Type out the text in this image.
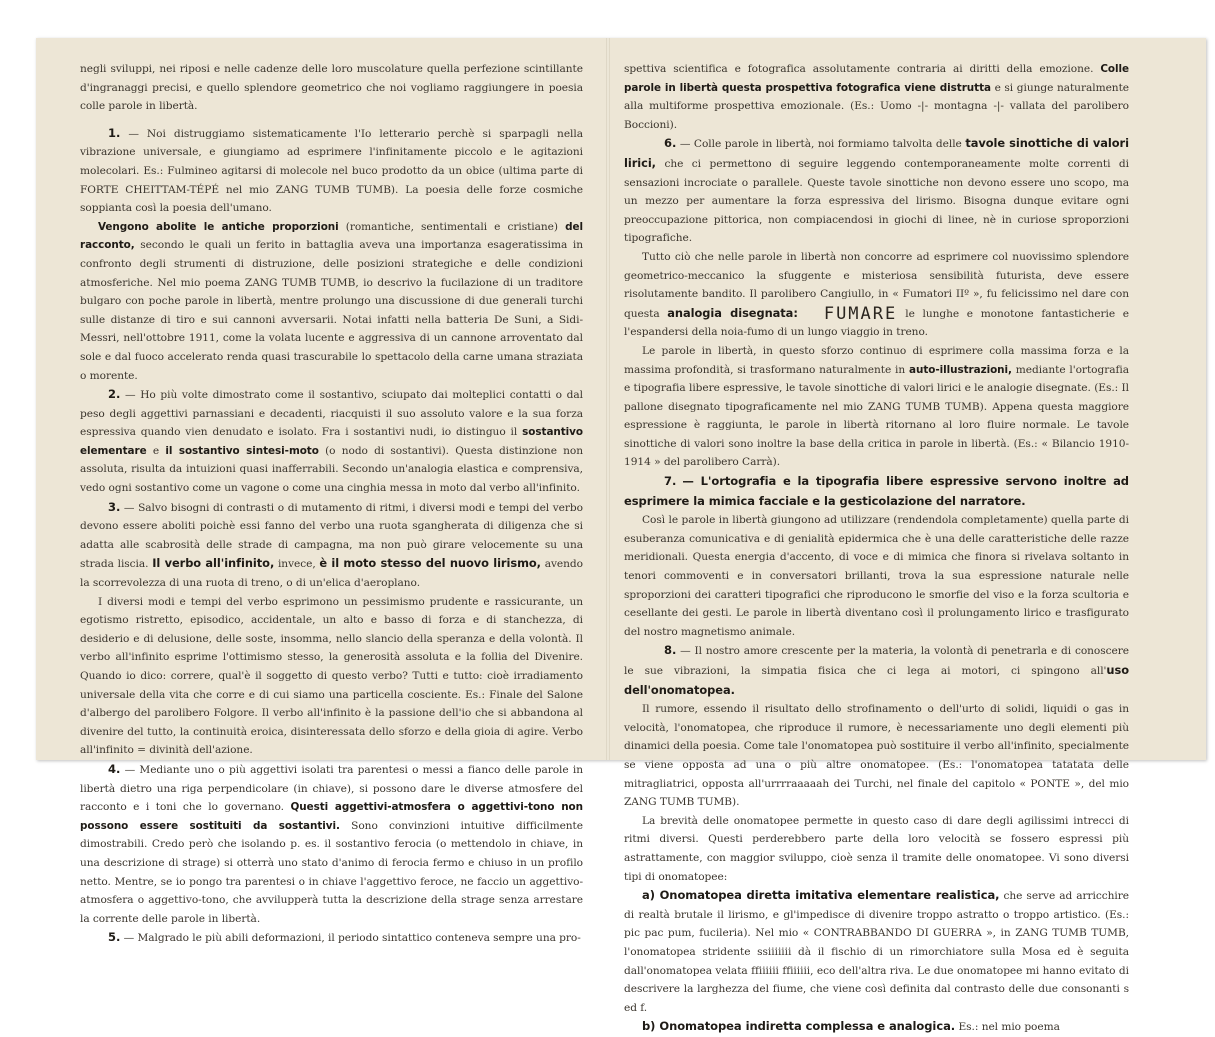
negli sviluppi, nei riposi e nelle cadenze delle loro muscolature quella perfezione scintillante d'ingranaggi precisi, e quello splendore geometrico che noi vogliamo raggiungere in poesia colle parole in libertà.

1. — Noi distruggiamo sistematicamente l'Io letterario perchè si sparpagli nella vibrazione universale, e giungiamo ad esprimere l'infinitamente piccolo e le agitazioni molecolari. Es.: Fulmineo agitarsi di molecole nel buco prodotto da un obice (ultima parte di FORTE CHEITTAM-TÉPÉ nel mio ZANG TUMB TUMB). La poesia delle forze cosmiche soppianta così la poesia dell'umano.

Vengono abolite le antiche proporzioni (romantiche, sentimentali e cristiane) del racconto, secondo le quali un ferito in battaglia aveva una importanza esageratissima in confronto degli strumenti di distruzione, delle posizioni strategiche e delle condizioni atmosferiche. Nel mio poema ZANG TUMB TUMB, io descrivo la fucilazione di un traditore bulgaro con poche parole in libertà, mentre prolungo una discussione di due generali turchi sulle distanze di tiro e sui cannoni avversarii. Notai infatti nella batteria De Suni, a Sidi-Messri, nell'ottobre 1911, come la volata lucente e aggressiva di un cannone arroventato dal sole e dal fuoco accelerato renda quasi trascurabile lo spettacolo della carne umana straziata o morente.

2. — Ho più volte dimostrato come il sostantivo, sciupato dai molteplici contatti o dal peso degli aggettivi parnassiani e decadenti, riacquisti il suo assoluto valore e la sua forza espressiva quando vien denudato e isolato. Fra i sostantivi nudi, io distinguo il sostantivo elementare e il sostantivo sintesi-moto (o nodo di sostantivi). Questa distinzione non assoluta, risulta da intuizioni quasi inafferrabili. Secondo un'analogia elastica e comprensiva, vedo ogni sostantivo come un vagone o come una cinghia messa in moto dal verbo all'infinito.

3. — Salvo bisogni di contrasti o di mutamento di ritmi, i diversi modi e tempi del verbo devono essere aboliti poichè essi fanno del verbo una ruota sgangherata di diligenza che si adatta alle scabrosità delle strade di campagna, ma non può girare velocemente su una strada liscia. Il verbo all'infinito, invece, è il moto stesso del nuovo lirismo, avendo la scorrevolezza di una ruota di treno, o di un'elica d'aeroplano.

I diversi modi e tempi del verbo esprimono un pessimismo prudente e rassicurante, un egotismo ristretto, episodico, accidentale, un alto e basso di forza e di stanchezza, di desiderio e di delusione, delle soste, insomma, nello slancio della speranza e della volontà. Il verbo all'infinito esprime l'ottimismo stesso, la generosità assoluta e la follia del Divenire. Quando io dico: correre, qual'è il soggetto di questo verbo? Tutti e tutto: cioè irradiamento universale della vita che corre e di cui siamo una particella cosciente. Es.: Finale del Salone d'albergo del parolibero Folgore. Il verbo all'infinito è la passione dell'io che si abbandona al divenire del tutto, la continuità eroica, disinteressata dello sforzo e della gioia di agire. Verbo all'infinito = divinità dell'azione.

4. — Mediante uno o più aggettivi isolati tra parentesi o messi a fianco delle parole in libertà dietro una riga perpendicolare (in chiave), si possono dare le diverse atmosfere del racconto e i toni che lo governano. Questi aggettivi-atmosfera o aggettivi-tono non possono essere sostituiti da sostantivi. Sono convinzioni intuitive difficilmente dimostrabili. Credo però che isolando p. es. il sostantivo ferocia (o mettendolo in chiave, in una descrizione di strage) si otterrà uno stato d'animo di ferocia fermo e chiuso in un profilo netto. Mentre, se io pongo tra parentesi o in chiave l'aggettivo feroce, ne faccio un aggettivo-atmosfera o aggettivo-tono, che avvilupperà tutta la descrizione della strage senza arrestare la corrente delle parole in libertà.

5. — Malgrado le più abili deformazioni, il periodo sintattico conteneva sempre una pro-

spettiva scientifica e fotografica assolutamente contraria ai diritti della emozione. Colle parole in libertà questa prospettiva fotografica viene distrutta e si giunge naturalmente alla multiforme prospettiva emozionale. (Es.: Uomo -|- montagna -|- vallata del parolibero Boccioni).

6. — Colle parole in libertà, noi formiamo talvolta delle tavole sinottiche di valori lirici, che ci permettono di seguire leggendo contemporaneamente molte correnti di sensazioni incrociate o parallele. Queste tavole sinottiche non devono essere uno scopo, ma un mezzo per aumentare la forza espressiva del lirismo. Bisogna dunque evitare ogni preoccupazione pittorica, non compiacendosi in giochi di linee, nè in curiose sproporzioni tipografiche.

Tutto ciò che nelle parole in libertà non concorre ad esprimere col nuovissimo splendore geometrico-meccanico la sfuggente e misteriosa sensibilità futurista, deve essere risolutamente bandito. Il parolibero Cangiullo, in « Fumatori IIº », fu felicissimo nel dare con questa analogia disegnata: FUMARE le lunghe e monotone fantasticherie e l'espandersi della noia-fumo di un lungo viaggio in treno.

Le parole in libertà, in questo sforzo continuo di esprimere colla massima forza e la massima profondità, si trasformano naturalmente in auto-illustrazioni, mediante l'ortografia e tipografia libere espressive, le tavole sinottiche di valori lirici e le analogie disegnate. (Es.: Il pallone disegnato tipograficamente nel mio ZANG TUMB TUMB). Appena questa maggiore espressione è raggiunta, le parole in libertà ritornano al loro fluire normale. Le tavole sinottiche di valori sono inoltre la base della critica in parole in libertà. (Es.: « Bilancio 1910-1914 » del parolibero Carrà).

7. — L'ortografia e la tipografia libere espressive servono inoltre ad esprimere la mimica facciale e la gesticolazione del narratore.

Così le parole in libertà giungono ad utilizzare (rendendola completamente) quella parte di esuberanza comunicativa e di genialità epidermica che è una delle caratteristiche delle razze meridionali. Questa energia d'accento, di voce e di mimica che finora si rivelava soltanto in tenori commoventi e in conversatori brillanti, trova la sua espressione naturale nelle sproporzioni dei caratteri tipografici che riproducono le smorfie del viso e la forza scultoria e cesellante dei gesti. Le parole in libertà diventano così il prolungamento lirico e trasfigurato del nostro magnetismo animale.

8. — Il nostro amore crescente per la materia, la volontà di penetrarla e di conoscere le sue vibrazioni, la simpatia fisica che ci lega ai motori, ci spingono all'uso dell'onomatopea.

Il rumore, essendo il risultato dello strofinamento o dell'urto di solidi, liquidi o gas in velocità, l'onomatopea, che riproduce il rumore, è necessariamente uno degli elementi più dinamici della poesia. Come tale l'onomatopea può sostituire il verbo all'infinito, specialmente se viene opposta ad una o più altre onomatopee. (Es.: l'onomatopea tatatata delle mitragliatrici, opposta all'urrrraaaaah dei Turchi, nel finale del capitolo « PONTE », del mio ZANG TUMB TUMB).

La brevità delle onomatopee permette in questo caso di dare degli agilissimi intrecci di ritmi diversi. Questi perderebbero parte della loro velocità se fossero espressi più astrattamente, con maggior sviluppo, cioè senza il tramite delle onomatopee. Vi sono diversi tipi di onomatopee:

a) Onomatopea diretta imitativa elementare realistica, che serve ad arricchire di realtà brutale il lirismo, e gl'impedisce di divenire troppo astratto o troppo artistico. (Es.: pic pac pum, fucileria). Nel mio « CONTRABBANDO DI GUERRA », in ZANG TUMB TUMB, l'onomatopea stridente ssiiiiiii dà il fischio di un rimorchiatore sulla Mosa ed è seguita dall'onomatopea velata ffiiiiii ffiiiiii, eco dell'altra riva. Le due onomatopee mi hanno evitato di descrivere la larghezza del fiume, che viene così definita dal contrasto delle due consonanti s ed f.

b) Onomatopea indiretta complessa e analogica. Es.: nel mio poema
